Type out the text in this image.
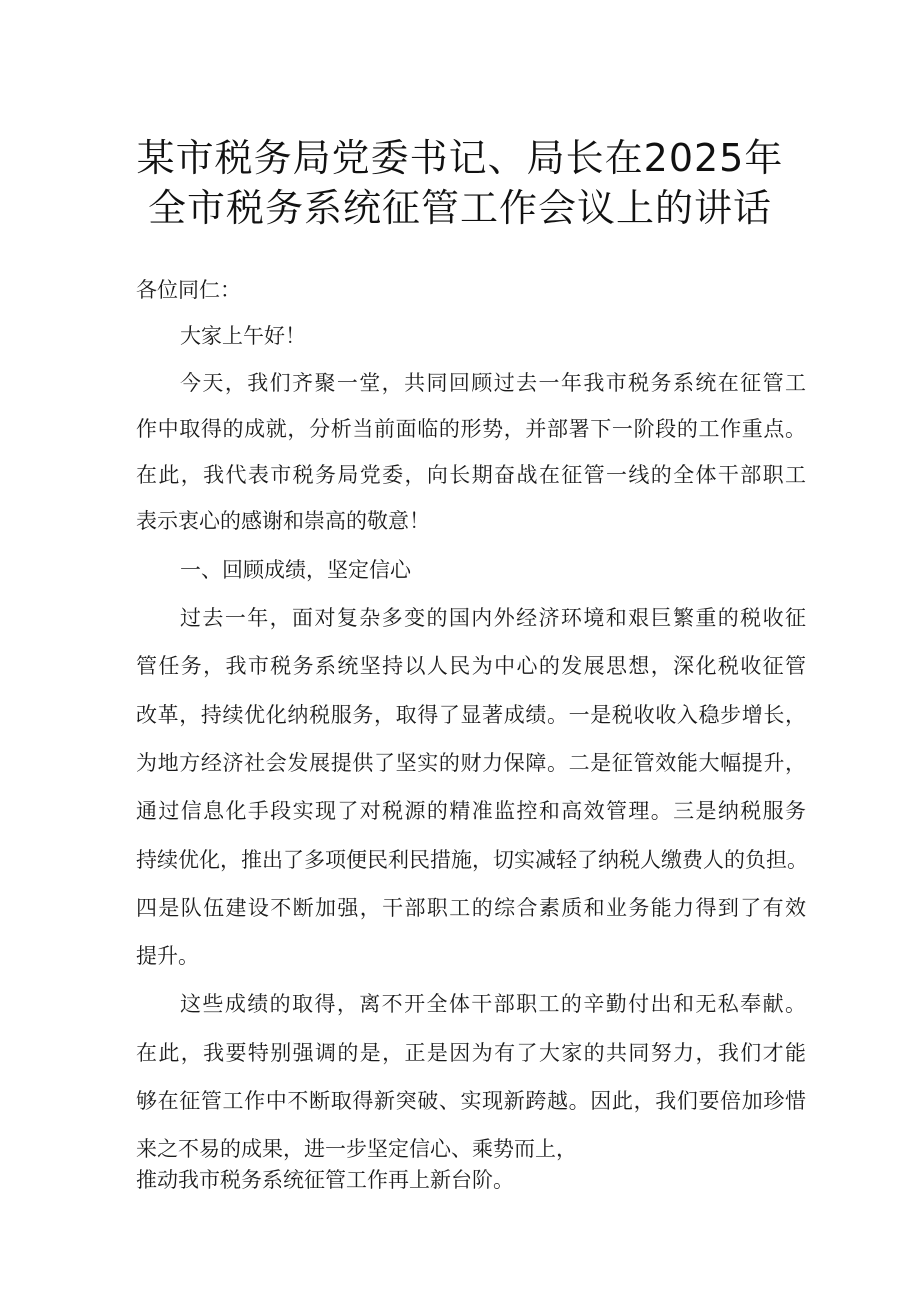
某市税务局党委书记、局长在2025年
全市税务系统征管工作会议上的讲话
各位同仁：
大家上午好！
今天，我们齐聚一堂，共同回顾过去一年我市税务系统在征管工
作中取得的成就，分析当前面临的形势，并部署下一阶段的工作重点。
在此，我代表市税务局党委，向长期奋战在征管一线的全体干部职工
表示衷心的感谢和崇高的敬意！
一、回顾成绩，坚定信心
过去一年，面对复杂多变的国内外经济环境和艰巨繁重的税收征
管任务，我市税务系统坚持以人民为中心的发展思想，深化税收征管
改革，持续优化纳税服务，取得了显著成绩。一是税收收入稳步增长，
为地方经济社会发展提供了坚实的财力保障。二是征管效能大幅提升，
通过信息化手段实现了对税源的精准监控和高效管理。三是纳税服务
持续优化，推出了多项便民利民措施，切实减轻了纳税人缴费人的负担。
四是队伍建设不断加强，干部职工的综合素质和业务能力得到了有效
提升。
这些成绩的取得，离不开全体干部职工的辛勤付出和无私奉献。
在此，我要特别强调的是，正是因为有了大家的共同努力，我们才能
够在征管工作中不断取得新突破、实现新跨越。因此，我们要倍加珍惜
来之不易的成果，进一步坚定信心、乘势而上，
推动我市税务系统征管工作再上新台阶。
